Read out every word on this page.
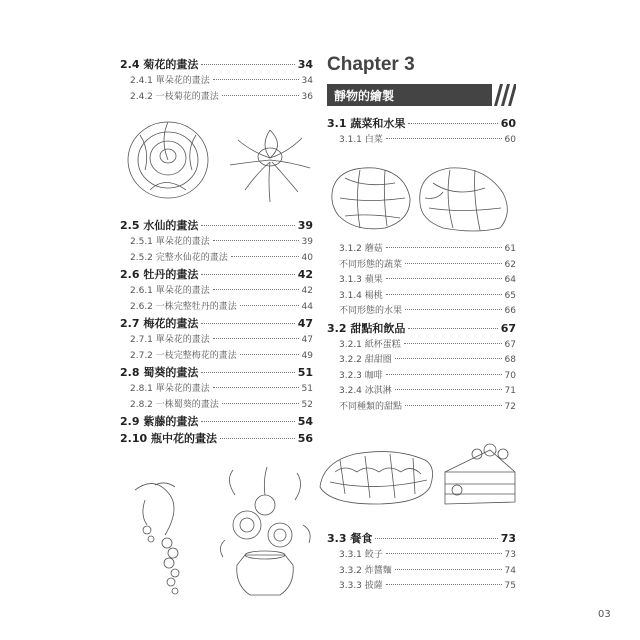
2.4 菊花的畫法	34
2.4.1 單朵花的畫法	34
2.4.2 一枝菊花的畫法	36
2.5 水仙的畫法	39
2.5.1 單朵花的畫法	39
2.5.2 完整水仙花的畫法	40
2.6 牡丹的畫法	42
2.6.1 單朵花的畫法	42
2.6.2 一株完整牡丹的畫法	44
2.7 梅花的畫法	47
2.7.1 單朵花的畫法	47
2.7.2 一枝完整梅花的畫法	49
2.8 蜀葵的畫法	51
2.8.1 單朵花的畫法	51
2.8.2 一株蜀葵的畫法	52
2.9 紫藤的畫法	54
2.10 瓶中花的畫法	56
Chapter 3
靜物的繪製
3.1 蔬菜和水果	60
3.1.1 白菜	60
3.1.2 蘑菇	61
不同形態的蔬菜	62
3.1.3 蘋果	64
3.1.4 楊桃	65
不同形態的水果	66
3.2 甜點和飲品	67
3.2.1 紙杯蛋糕	67
3.2.2 甜甜圈	68
3.2.3 咖啡	70
3.2.4 冰淇淋	71
不同種類的甜點	72
3.3 餐食	73
3.3.1 餃子	73
3.3.2 炸醬麵	74
3.3.3 披薩	75
03
